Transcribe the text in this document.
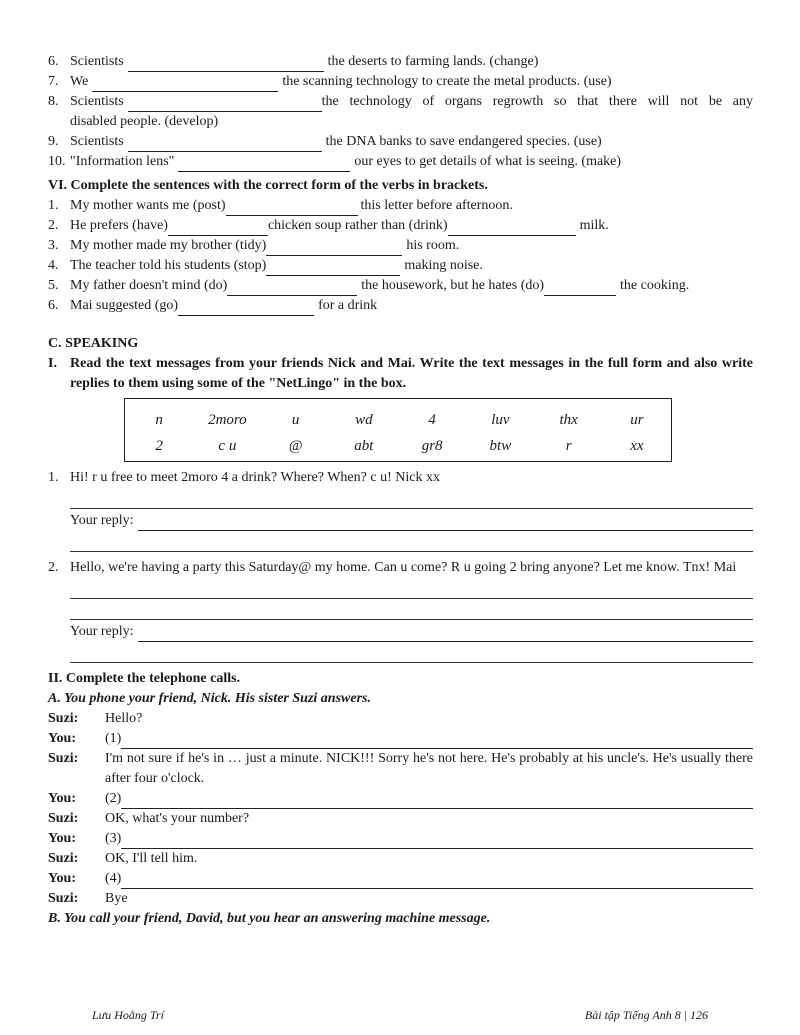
6. Scientists	the deserts to farming lands. (change)
7. We	the scanning technology to create the metal products. (use)
8. Scientists	the technology of organs regrowth so that there will not be any
disabled people. (develop)
9. Scientists	the DNA banks to save endangered species. (use)
10. "Information lens"	our eyes to get details of what is seeing. (make)
VI. Complete the sentences with the correct form of the verbs in brackets.
1. My mother wants me (post)	this letter before afternoon.
2. He prefers (have)	chicken soup rather than (drink)	milk.
3. My mother made my brother (tidy)	his room.
4. The teacher told his students (stop)	making noise.
5. My father doesn't mind (do)	the housework, but he hates (do)	the cooking.
6. Mai suggested (go)	for a drink
C. SPEAKING
I. Read the text messages from your friends Nick and Mai. Write the text messages in the full form and also write replies to them using some of the "NetLingo" in the box.
n	2moro	u	wd	4	luv	thx	ur
2	c u	@	abt	gr8	btw	r	xx
1. Hi! r u free to meet 2moro 4 a drink? Where? When? c u! Nick xx
Your reply:
2. Hello, we're having a party this Saturday@ my home. Can u come? R u going 2 bring anyone? Let me know. Tnx! Mai
Your reply:
II. Complete the telephone calls.
A. You phone your friend, Nick. His sister Suzi answers.
Suzi:	Hello?
You:	(1)
Suzi:	I'm not sure if he's in … just a minute. NICK!!! Sorry he's not here. He's probably at his uncle's. He's usually there after four o'clock.
You:	(2)
Suzi:	OK, what's your number?
You:	(3)
Suzi:	OK, I'll tell him.
You:	(4)
Suzi:	Bye
B. You call your friend, David, but you hear an answering machine message.
Lưu Hoằng Trí	Bài tập Tiếng Anh 8 | 126
